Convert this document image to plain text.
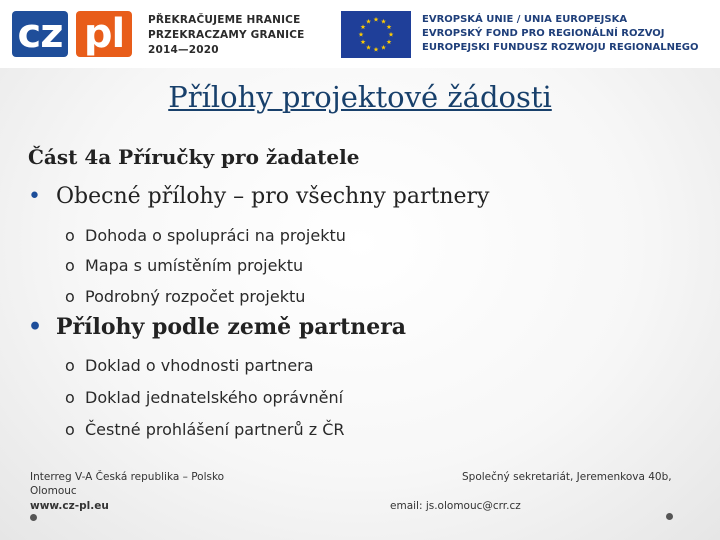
cz pl	PŘEKRAČUJEME HRANICE
PRZEKRACZAMY GRANICE
2014—2020
EVROPSKÁ UNIE / UNIA EUROPEJSKA
EVROPSKÝ FOND PRO REGIONÁLNÍ ROZVOJ
EUROPEJSKI FUNDUSZ ROZWOJU REGIONALNEGO
Přílohy projektové žádosti
Část 4a Příručky pro žadatele
• Obecné přílohy – pro všechny partnery
o Dohoda o spolupráci na projektu
o Mapa s umístěním projektu
o Podrobný rozpočet projektu
• Přílohy podle země partnera
o Doklad o vhodnosti partnera
o Doklad jednatelského oprávnění
o Čestné prohlášení partnerů z ČR
Interreg V-A Česká republika – Polsko
Olomouc
www.cz-pl.eu
Společný sekretariát, Jeremenkova 40b,
email: js.olomouc@crr.cz
